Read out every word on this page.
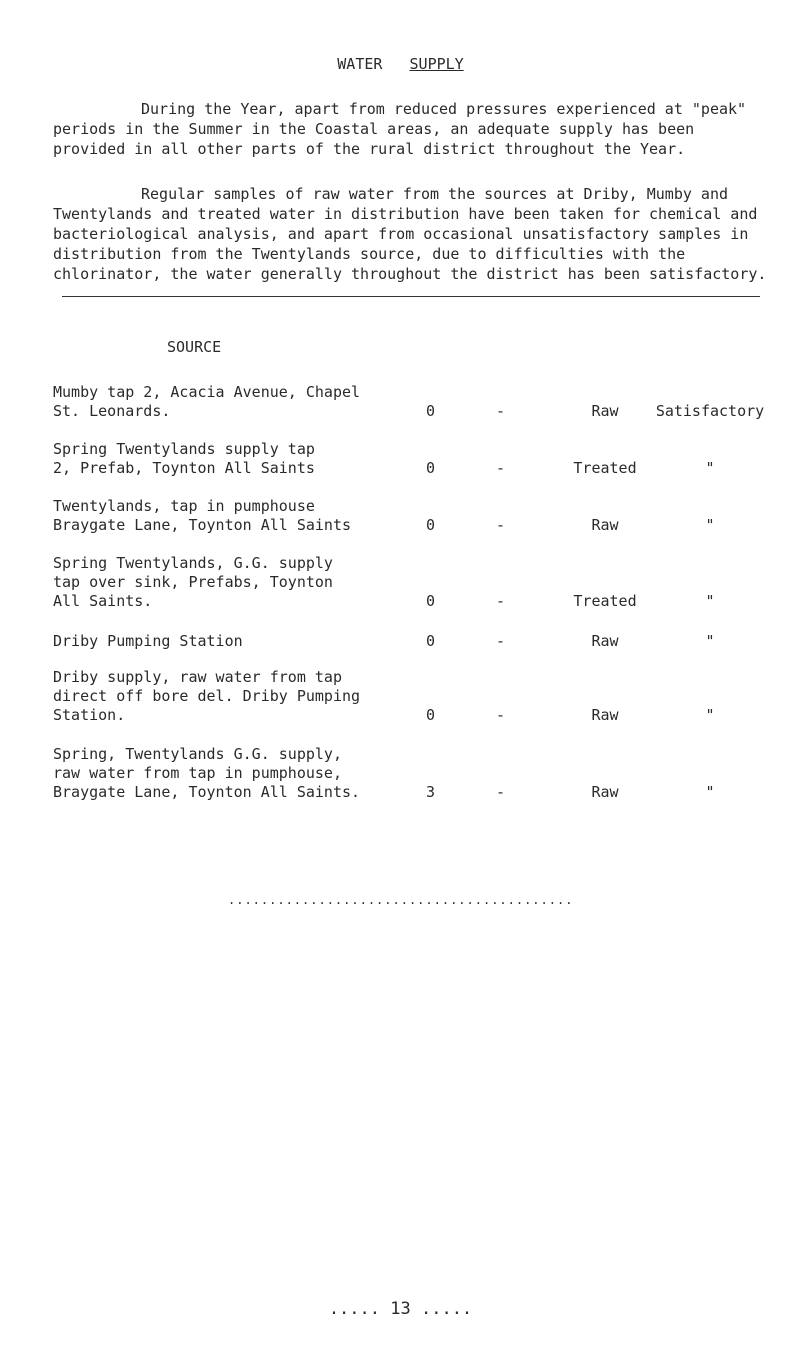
WATER SUPPLY

During the Year, apart from reduced pressures experienced at "peak" periods in the Summer in the Coastal areas, an adequate supply has been provided in all other parts of the rural district throughout the Year.

Regular samples of raw water from the sources at Driby, Mumby and Twentylands and treated water in distribution have been taken for chemical and bacteriological analysis, and apart from occasional unsatisfactory samples in distribution from the Twentylands source, due to difficulties with the chlorinator, the water generally throughout the district has been satisfactory.

SOURCE
Mumby tap 2, Acacia Avenue, Chapel
St. Leonards.	0	-	Raw	Satisfactory
Spring Twentylands supply tap
2, Prefab, Toynton All Saints	0	-	Treated	"
Twentylands, tap in pumphouse
Braygate Lane, Toynton All Saints	0	-	Raw	"
Spring Twentylands, G.G. supply
tap over sink, Prefabs, Toynton
All Saints.	0	-	Treated	"
Driby Pumping Station	0	-	Raw	"
Driby supply, raw water from tap
direct off bore del. Driby Pumping
Station.	0	-	Raw	"
Spring, Twentylands G.G. supply,
raw water from tap in pumphouse,
Braygate Lane, Toynton All Saints.	3	-	Raw	"
..........................................
..... 13 .....
